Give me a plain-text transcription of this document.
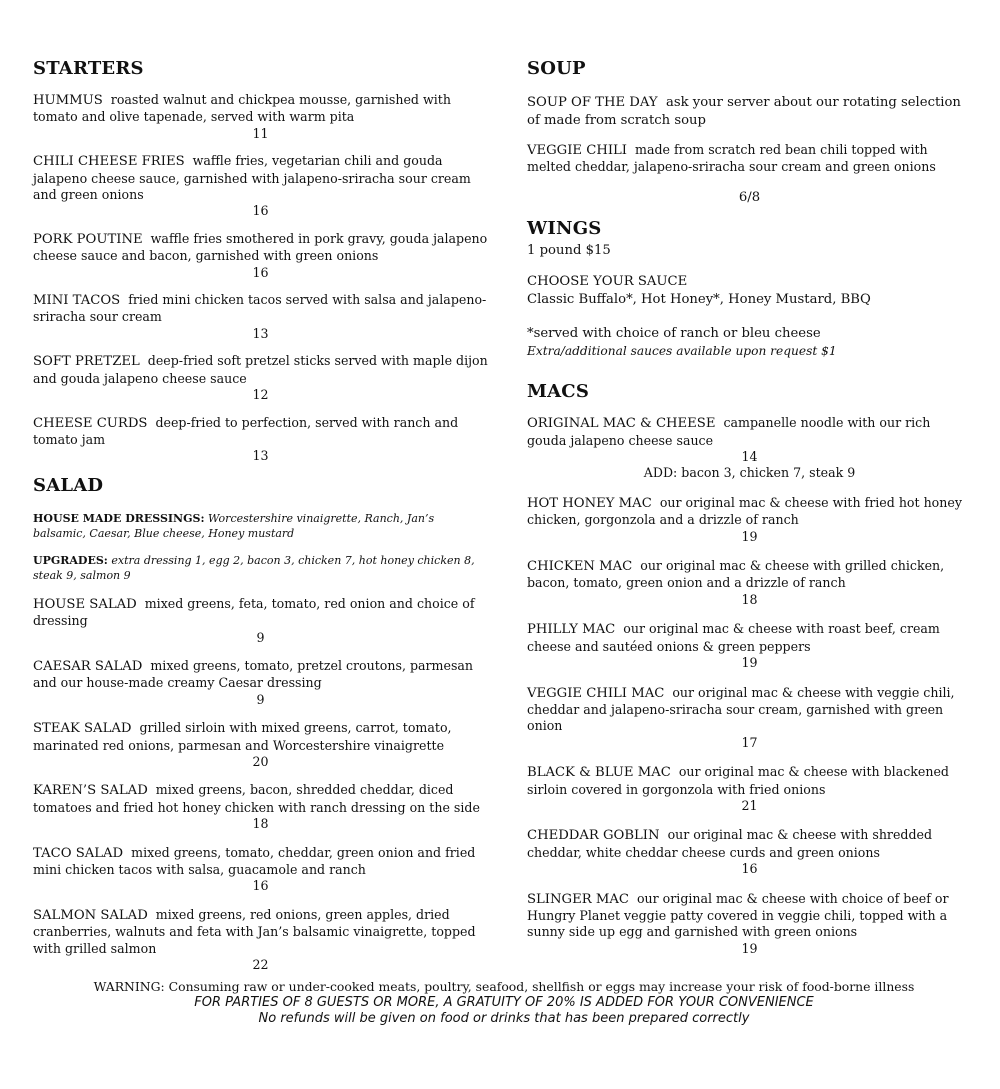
STARTERS
HUMMUS roasted walnut and chickpea mousse, garnished with tomato and olive tapenade, served with warm pita
11
CHILI CHEESE FRIES waffle fries, vegetarian chili and gouda jalapeno cheese sauce, garnished with jalapeno-sriracha sour cream and green onions
16
PORK POUTINE waffle fries smothered in pork gravy, gouda jalapeno cheese sauce and bacon, garnished with green onions
16
MINI TACOS fried mini chicken tacos served with salsa and jalapeno-sriracha sour cream
13
SOFT PRETZEL deep-fried soft pretzel sticks served with maple dijon and gouda jalapeno cheese sauce
12
CHEESE CURDS deep-fried to perfection, served with ranch and tomato jam
13
SALAD
HOUSE MADE DRESSINGS: Worcestershire vinaigrette, Ranch, Jan’s balsamic, Caesar, Blue cheese, Honey mustard
UPGRADES: extra dressing 1, egg 2, bacon 3, chicken 7, hot honey chicken 8, steak 9, salmon 9
HOUSE SALAD mixed greens, feta, tomato, red onion and choice of dressing
9
CAESAR SALAD mixed greens, tomato, pretzel croutons, parmesan and our house-made creamy Caesar dressing
9
STEAK SALAD grilled sirloin with mixed greens, carrot, tomato, marinated red onions, parmesan and Worcestershire vinaigrette
20
KAREN’S SALAD mixed greens, bacon, shredded cheddar, diced tomatoes and fried hot honey chicken with ranch dressing on the side
18
TACO SALAD mixed greens, tomato, cheddar, green onion and fried mini chicken tacos with salsa, guacamole and ranch
16
SALMON SALAD mixed greens, red onions, green apples, dried cranberries, walnuts and feta with Jan’s balsamic vinaigrette, topped with grilled salmon
22
SOUP
SOUP OF THE DAY ask your server about our rotating selection of made from scratch soup
VEGGIE CHILI made from scratch red bean chili topped with melted cheddar, jalapeno-sriracha sour cream and green onions
6/8
WINGS
1 pound $15
CHOOSE YOUR SAUCE
Classic Buffalo*, Hot Honey*, Honey Mustard, BBQ
*served with choice of ranch or bleu cheese
Extra/additional sauces available upon request $1
MACS
ORIGINAL MAC & CHEESE campanelle noodle with our rich gouda jalapeno cheese sauce
14
ADD: bacon 3, chicken 7, steak 9
HOT HONEY MAC our original mac & cheese with fried hot honey chicken, gorgonzola and a drizzle of ranch
19
CHICKEN MAC our original mac & cheese with grilled chicken, bacon, tomato, green onion and a drizzle of ranch
18
PHILLY MAC our original mac & cheese with roast beef, cream cheese and sautéed onions & green peppers
19
VEGGIE CHILI MAC our original mac & cheese with veggie chili, cheddar and jalapeno-sriracha sour cream, garnished with green onion
17
BLACK & BLUE MAC our original mac & cheese with blackened sirloin covered in gorgonzola with fried onions
21
CHEDDAR GOBLIN our original mac & cheese with shredded cheddar, white cheddar cheese curds and green onions
16
SLINGER MAC our original mac & cheese with choice of beef or Hungry Planet veggie patty covered in veggie chili, topped with a sunny side up egg and garnished with green onions
19
WARNING: Consuming raw or under-cooked meats, poultry, seafood, shellfish or eggs may increase your risk of food-borne illness
FOR PARTIES OF 8 GUESTS OR MORE, A GRATUITY OF 20% IS ADDED FOR YOUR CONVENIENCE
No refunds will be given on food or drinks that has been prepared correctly
